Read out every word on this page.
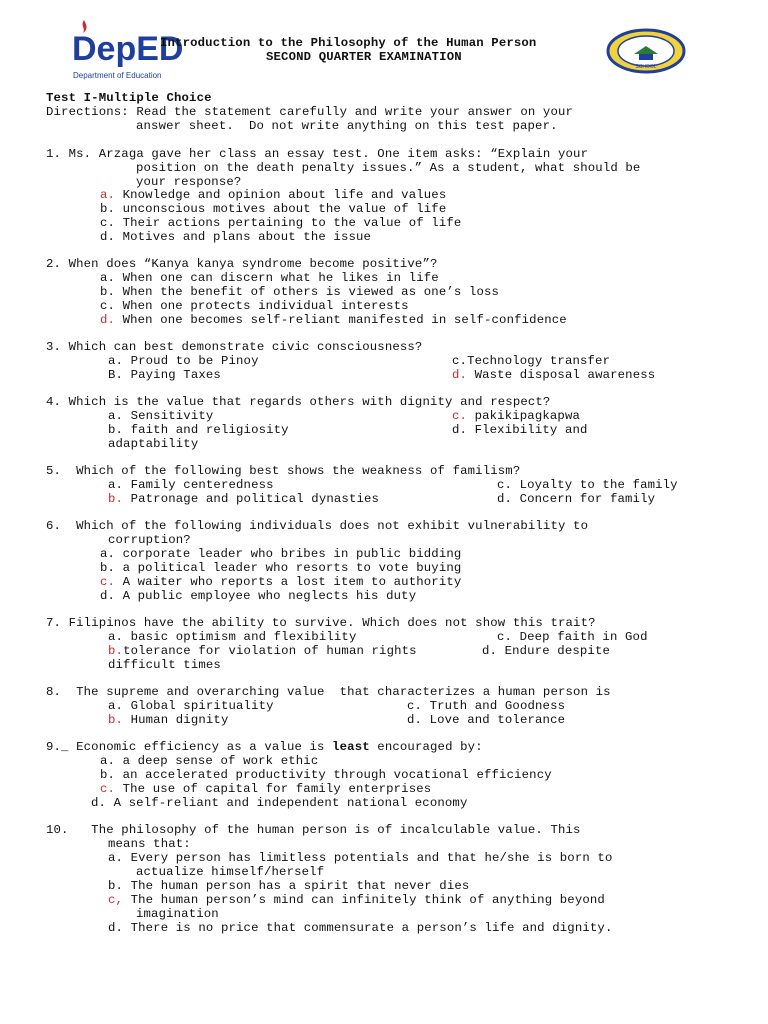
DepED
Department of Education
SCHOOL
Introduction to the Philosophy of the Human Person
SECOND QUARTER EXAMINATION
Test I-Multiple Choice
Directions: Read the statement carefully and write your answer on your
answer sheet.  Do not write anything on this test paper.
1. Ms. Arzaga gave her class an essay test. One item asks: “Explain your
position on the death penalty issues.” As a student, what should be
your response?
a. Knowledge and opinion about life and values
b. unconscious motives about the value of life
c. Their actions pertaining to the value of life
d. Motives and plans about the issue
2. When does “Kanya kanya syndrome become positive”?
a. When one can discern what he likes in life
b. When the benefit of others is viewed as one’s loss
c. When one protects individual interests
d. When one becomes self-reliant manifested in self-confidence
3. Which can best demonstrate civic consciousness?
a. Proud to be Pinoy	c.Technology transfer
B. Paying Taxes	d. Waste disposal awareness
4. Which is the value that regards others with dignity and respect?
a. Sensitivity	c. pakikipagkapwa
b. faith and religiosity	d. Flexibility and
adaptability
5.  Which of the following best shows the weakness of familism?
a. Family centeredness	c. Loyalty to the family
b. Patronage and political dynasties	d. Concern for family
6.  Which of the following individuals does not exhibit vulnerability to
corruption?
a. corporate leader who bribes in public bidding
b. a political leader who resorts to vote buying
c. A waiter who reports a lost item to authority
d. A public employee who neglects his duty
7. Filipinos have the ability to survive. Which does not show this trait?
a. basic optimism and flexibility	c. Deep faith in God
b.tolerance for violation of human rights	d. Endure despite
difficult times
8.  The supreme and overarching value  that characterizes a human person is
a. Global spirituality	c. Truth and Goodness
b. Human dignity	d. Love and tolerance
9._ Economic efficiency as a value is least encouraged by:
a. a deep sense of work ethic
b. an accelerated productivity through vocational efficiency
c. The use of capital for family enterprises
d. A self-reliant and independent national economy
10.   The philosophy of the human person is of incalculable value. This
means that:
a. Every person has limitless potentials and that he/she is born to
actualize himself/herself
b. The human person has a spirit that never dies
c, The human person’s mind can infinitely think of anything beyond
imagination
d. There is no price that commensurate a person’s life and dignity.
